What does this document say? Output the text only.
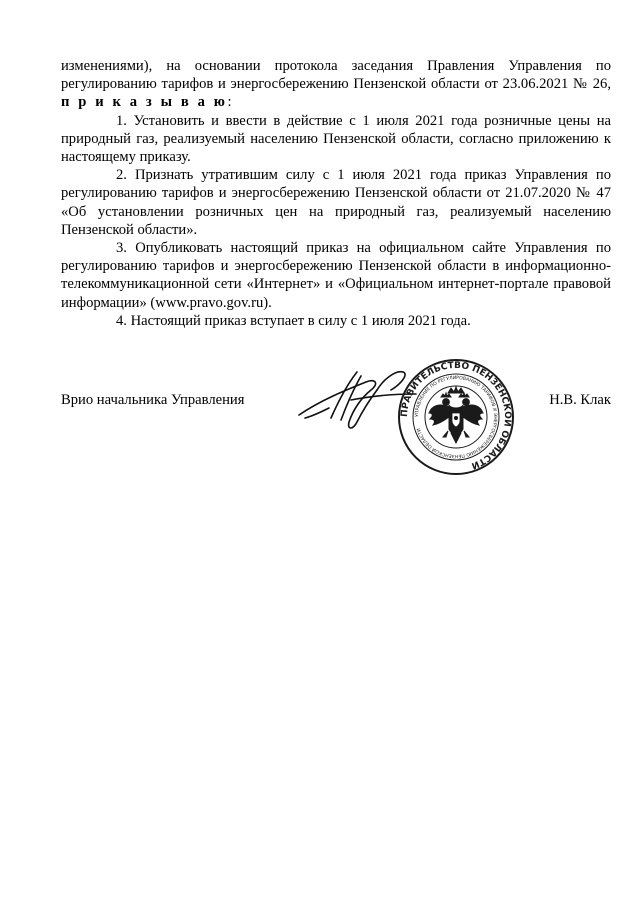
изменениями), на основании протокола заседания Правления Управления по регулированию тарифов и энергосбережению Пензенской области от 23.06.2021 № 26, п р и к а з ы в а ю:

1. Установить и ввести в действие с 1 июля 2021 года розничные цены на природный газ, реализуемый населению Пензенской области, согласно приложению к настоящему приказу.

2. Признать утратившим силу с 1 июля 2021 года приказ Управления по регулированию тарифов и энергосбережению Пензенской области от 21.07.2020 № 47 «Об установлении розничных цен на природный газ, реализуемый населению Пензенской области».

3. Опубликовать настоящий приказ на официальном сайте Управления по регулированию тарифов и энергосбережению Пензенской области в информационно-телекоммуникационной сети «Интернет» и «Официальном интернет-портале правовой информации» (www.pravo.gov.ru).

4. Настоящий приказ вступает в силу с 1 июля 2021 года.

Врио начальника Управления
ПРАВИТЕЛЬСТВО ПЕНЗЕНСКОЙ ОБЛАСТИ
УПРАВЛЕНИЕ ПО РЕГУЛИРОВАНИЮ ТАРИФОВ И ЭНЕРГОСБЕРЕЖЕНИЮ ПЕНЗЕНСКОЙ ОБЛАСТИ
Н.В. Клак
